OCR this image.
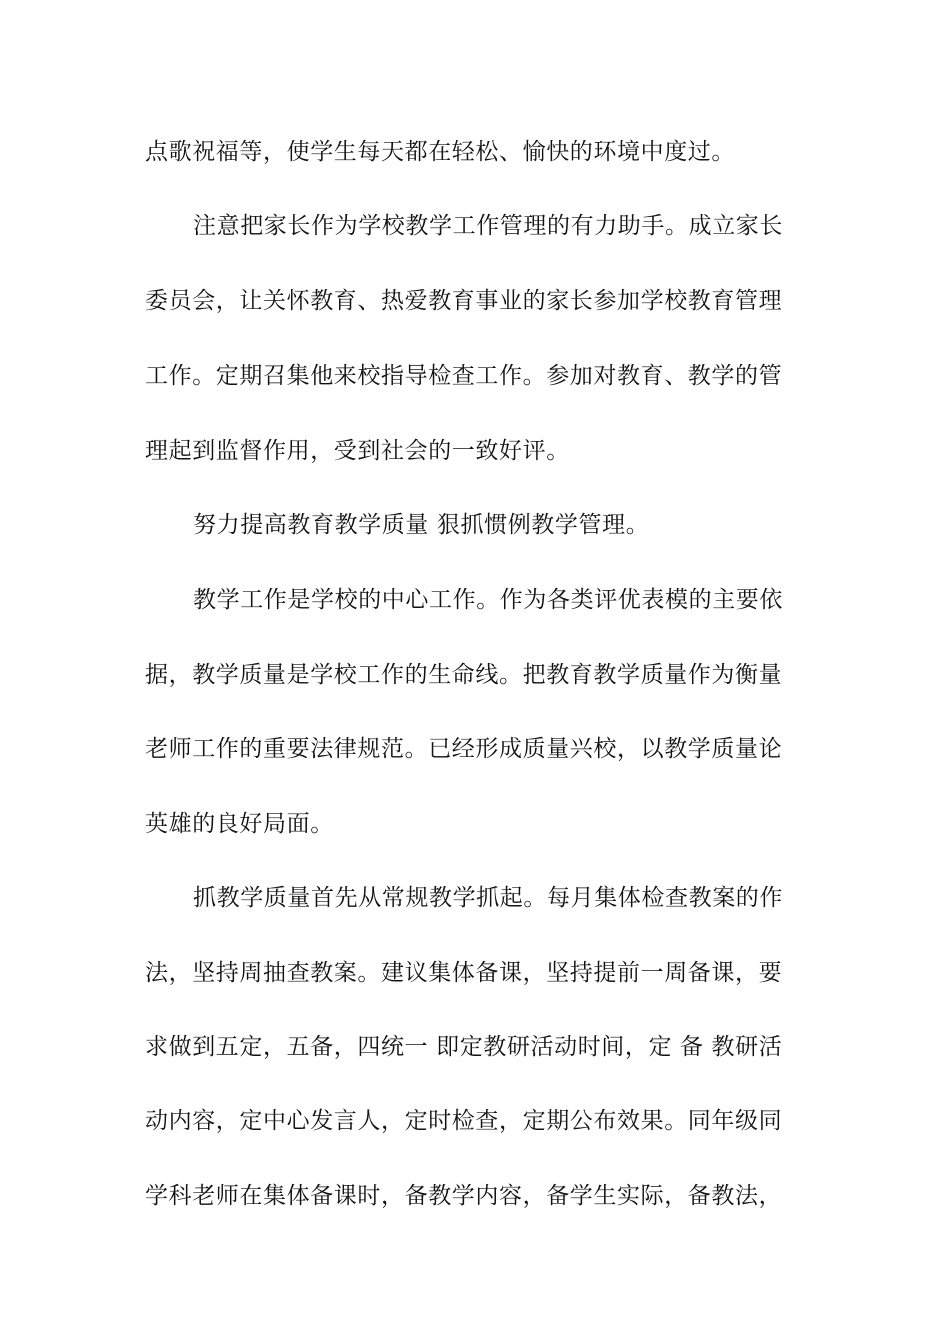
点歌祝福等，使学生每天都在轻松、愉快的环境中度过。
注意把家长作为学校教学工作管理的有力助手。成立家长
委员会，让关怀教育、热爱教育事业的家长参加学校教育管理
工作。定期召集他来校指导检查工作。参加对教育、教学的管
理起到监督作用，受到社会的一致好评。
努力提高教育教学质量 狠抓惯例教学管理。
教学工作是学校的中心工作。作为各类评优表模的主要依
据，教学质量是学校工作的生命线。把教育教学质量作为衡量
老师工作的重要法律规范。已经形成质量兴校，以教学质量论
英雄的良好局面。
抓教学质量首先从常规教学抓起。每月集体检查教案的作
法，坚持周抽查教案。建议集体备课，坚持提前一周备课，要
求做到五定，五备，四统一 即定教研活动时间，定 备 教研活
动内容，定中心发言人，定时检查，定期公布效果。同年级同
学科老师在集体备课时，备教学内容，备学生实际，备教法，
